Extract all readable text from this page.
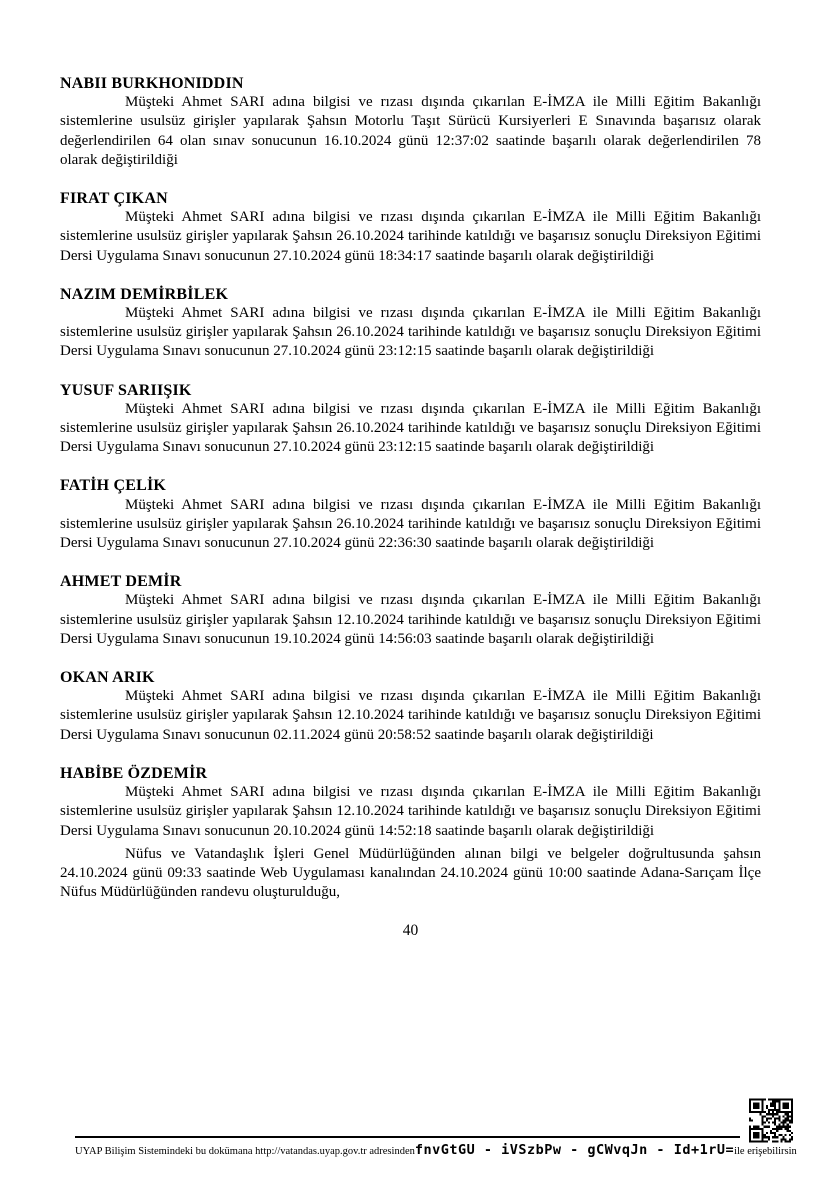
NABII BURKHONIDDIN

Müşteki Ahmet SARI adına bilgisi ve rızası dışında çıkarılan E-İMZA ile Milli Eğitim Bakanlığı sistemlerine usulsüz girişler yapılarak Şahsın Motorlu Taşıt Sürücü Kursiyerleri E Sınavında başarısız olarak değerlendirilen 64 olan sınav sonucunun 16.10.2024 günü 12:37:02 saatinde başarılı olarak değerlendirilen 78 olarak değiştirildiği

FIRAT ÇIKAN

Müşteki Ahmet SARI adına bilgisi ve rızası dışında çıkarılan E-İMZA ile Milli Eğitim Bakanlığı sistemlerine usulsüz girişler yapılarak Şahsın 26.10.2024 tarihinde katıldığı ve başarısız sonuçlu Direksiyon Eğitimi Dersi Uygulama Sınavı sonucunun 27.10.2024 günü 18:34:17 saatinde başarılı olarak değiştirildiği

NAZIM DEMİRBİLEK

Müşteki Ahmet SARI adına bilgisi ve rızası dışında çıkarılan E-İMZA ile Milli Eğitim Bakanlığı sistemlerine usulsüz girişler yapılarak Şahsın 26.10.2024 tarihinde katıldığı ve başarısız sonuçlu Direksiyon Eğitimi Dersi Uygulama Sınavı sonucunun 27.10.2024 günü 23:12:15 saatinde başarılı olarak değiştirildiği

YUSUF SARIIŞIK

Müşteki Ahmet SARI adına bilgisi ve rızası dışında çıkarılan E-İMZA ile Milli Eğitim Bakanlığı sistemlerine usulsüz girişler yapılarak Şahsın 26.10.2024 tarihinde katıldığı ve başarısız sonuçlu Direksiyon Eğitimi Dersi Uygulama Sınavı sonucunun 27.10.2024 günü 23:12:15 saatinde başarılı olarak değiştirildiği

FATİH ÇELİK

Müşteki Ahmet SARI adına bilgisi ve rızası dışında çıkarılan E-İMZA ile Milli Eğitim Bakanlığı sistemlerine usulsüz girişler yapılarak Şahsın 26.10.2024 tarihinde katıldığı ve başarısız sonuçlu Direksiyon Eğitimi Dersi Uygulama Sınavı sonucunun 27.10.2024 günü 22:36:30 saatinde başarılı olarak değiştirildiği

AHMET DEMİR

Müşteki Ahmet SARI adına bilgisi ve rızası dışında çıkarılan E-İMZA ile Milli Eğitim Bakanlığı sistemlerine usulsüz girişler yapılarak Şahsın 12.10.2024 tarihinde katıldığı ve başarısız sonuçlu Direksiyon Eğitimi Dersi Uygulama Sınavı sonucunun 19.10.2024 günü 14:56:03 saatinde başarılı olarak değiştirildiği

OKAN ARIK

Müşteki Ahmet SARI adına bilgisi ve rızası dışında çıkarılan E-İMZA ile Milli Eğitim Bakanlığı sistemlerine usulsüz girişler yapılarak Şahsın 12.10.2024 tarihinde katıldığı ve başarısız sonuçlu Direksiyon Eğitimi Dersi Uygulama Sınavı sonucunun 02.11.2024 günü 20:58:52 saatinde başarılı olarak değiştirildiği

HABİBE ÖZDEMİR

Müşteki Ahmet SARI adına bilgisi ve rızası dışında çıkarılan E-İMZA ile Milli Eğitim Bakanlığı sistemlerine usulsüz girişler yapılarak Şahsın 12.10.2024 tarihinde katıldığı ve başarısız sonuçlu Direksiyon Eğitimi Dersi Uygulama Sınavı sonucunun 20.10.2024 günü 14:52:18 saatinde başarılı olarak değiştirildiği

Nüfus ve Vatandaşlık İşleri Genel Müdürlüğünden alınan bilgi ve belgeler doğrultusunda şahsın 24.10.2024 günü 09:33 saatinde Web Uygulaması kanalından 24.10.2024 günü 10:00 saatinde Adana-Sarıçam İlçe Nüfus Müdürlüğünden randevu oluşturulduğu,

40
UYAP Bilişim Sistemindeki bu dokümana http://vatandas.uyap.gov.tr adresinden fnvGtGU - iVSzbPw - gCWvqJn - Id+1rU= ile erişebilirsin
